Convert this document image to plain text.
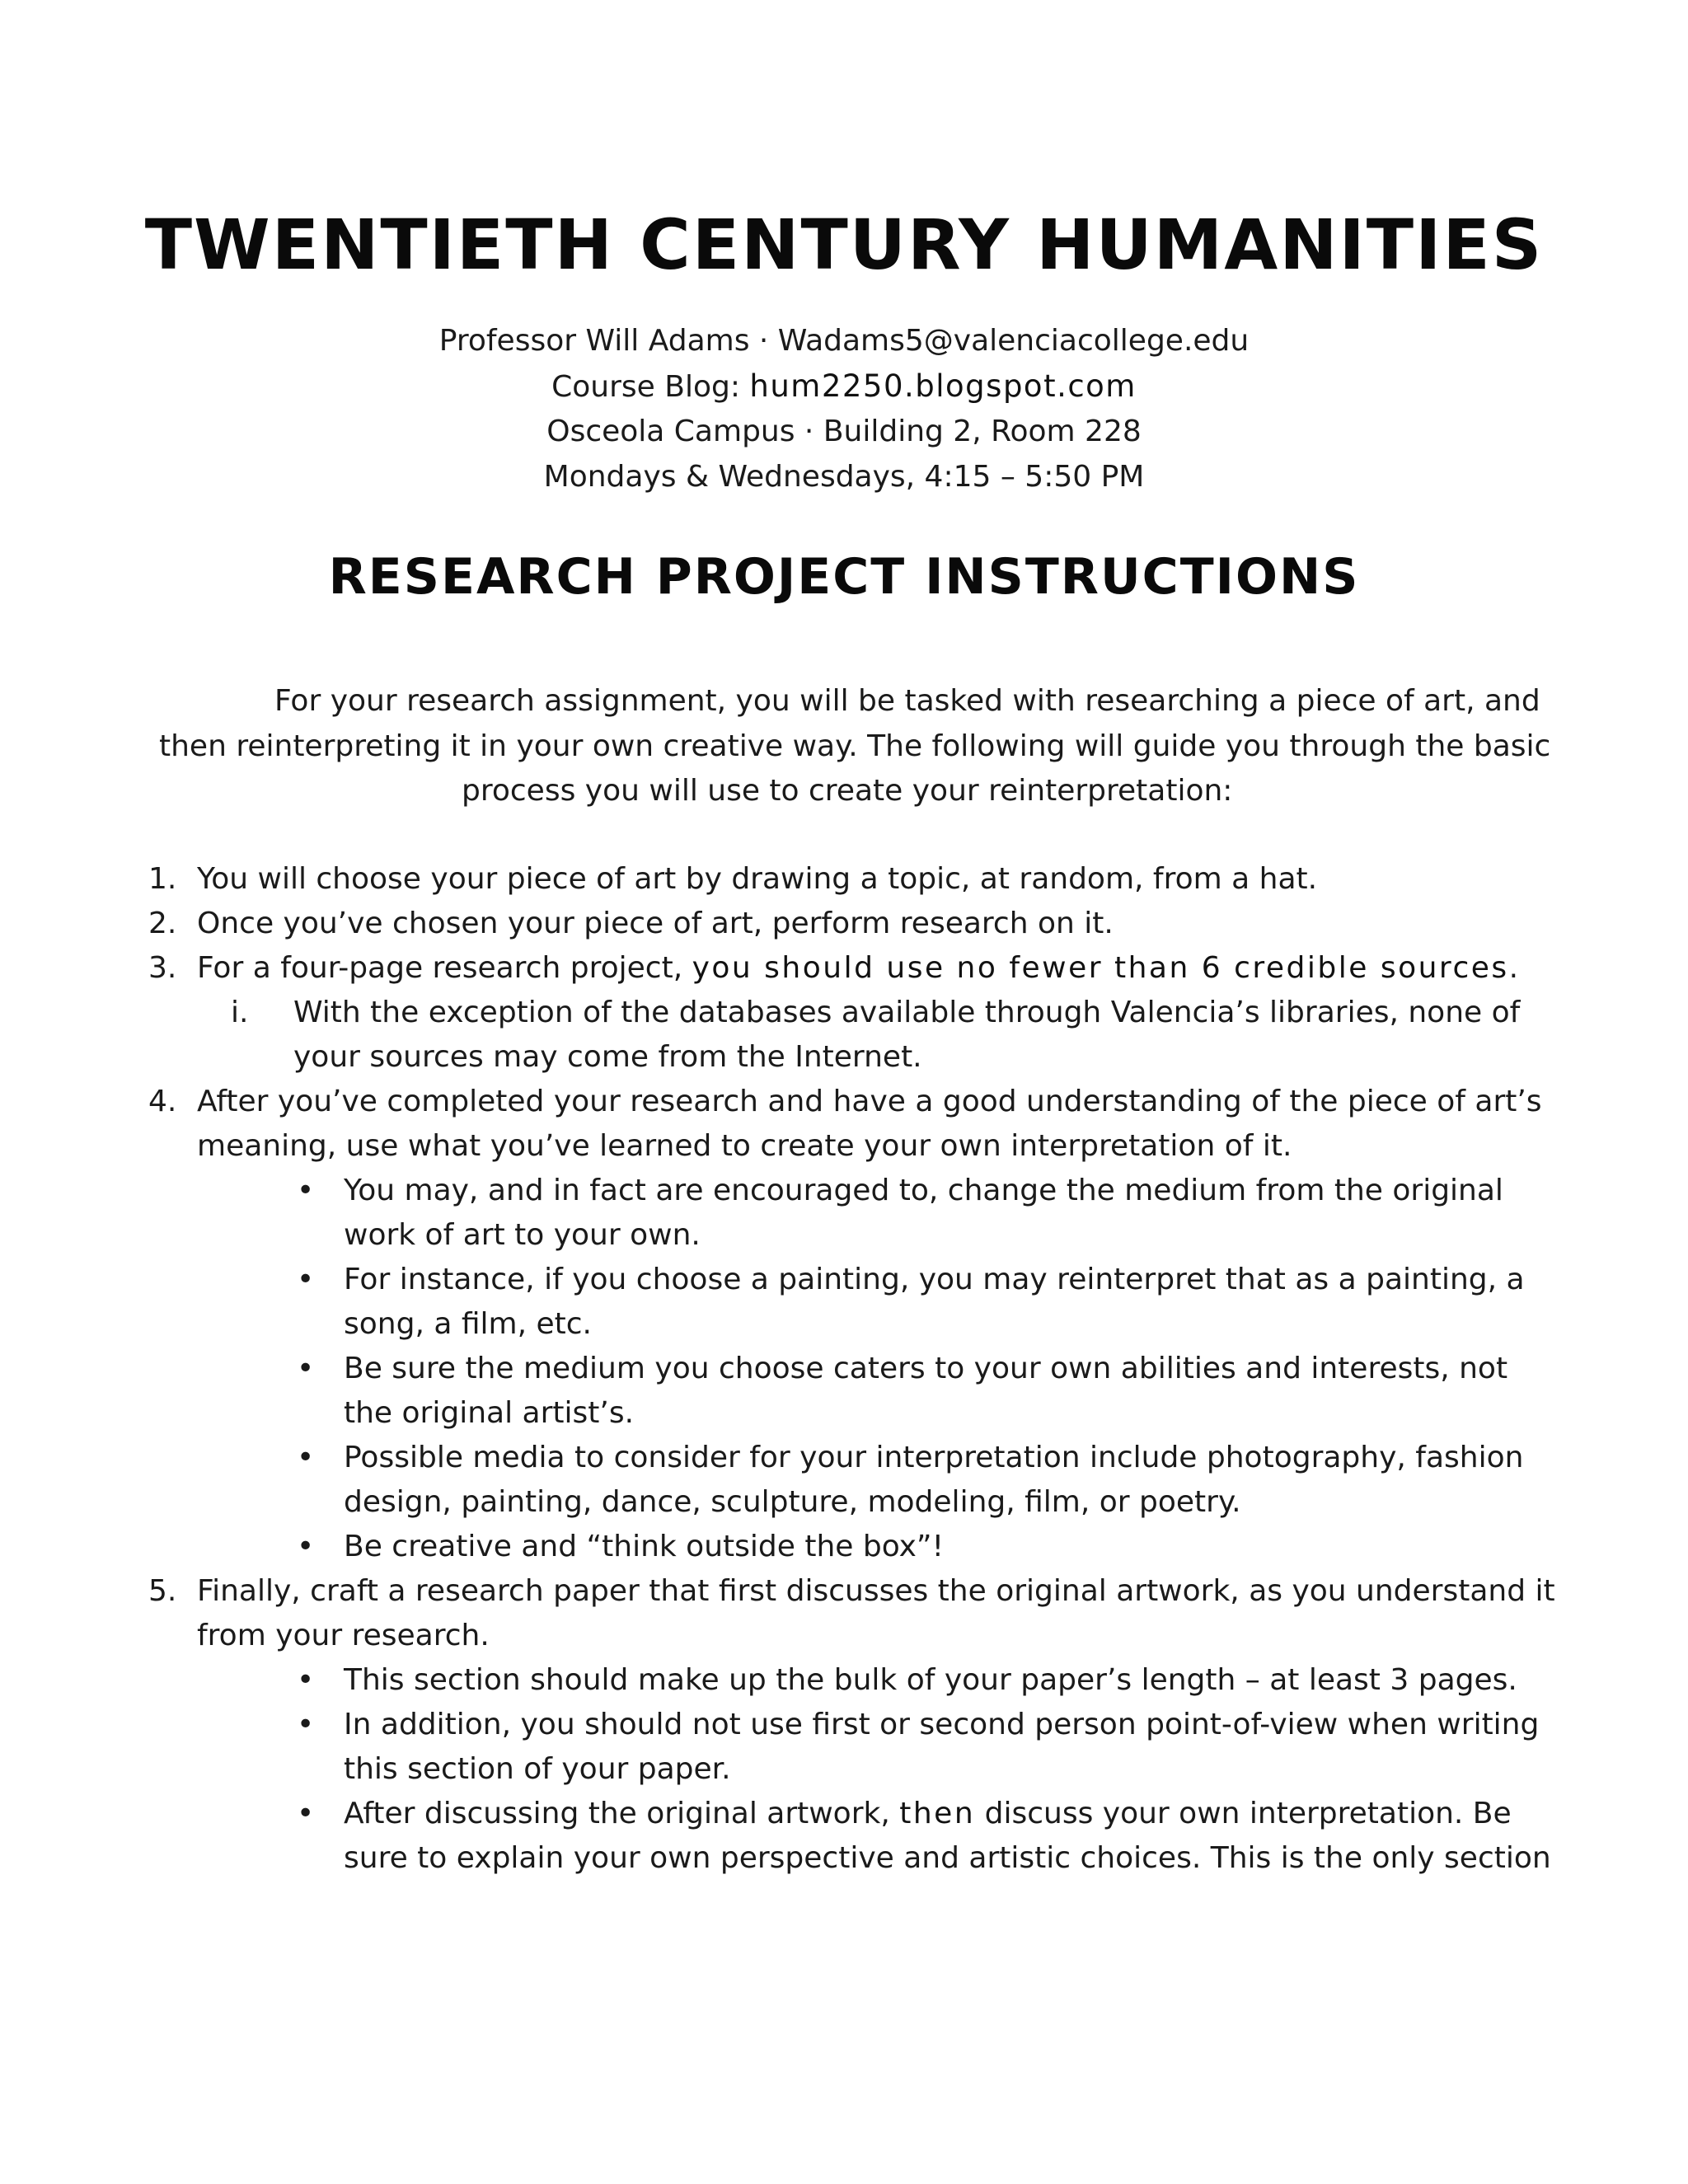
TWENTIETH CENTURY HUMANITIES
Professor Will Adams · Wadams5@valenciacollege.edu
Course Blog: hum2250.blogspot.com
Osceola Campus · Building 2, Room 228
Mondays & Wednesdays, 4:15 – 5:50 PM
RESEARCH PROJECT INSTRUCTIONS
For your research assignment, you will be tasked with researching a piece of art, and
then reinterpreting it in your own creative way. The following will guide you through the basic
process you will use to create your reinterpretation:
1. You will choose your piece of art by drawing a topic, at random, from a hat.
2. Once you’ve chosen your piece of art, perform research on it.
3. For a four-page research project, you should use no fewer than 6 credible sources.
i. With the exception of the databases available through Valencia’s libraries, none of
your sources may come from the Internet.
4. After you’ve completed your research and have a good understanding of the piece of art’s
meaning, use what you’ve learned to create your own interpretation of it.
• You may, and in fact are encouraged to, change the medium from the original
work of art to your own.
• For instance, if you choose a painting, you may reinterpret that as a painting, a
song, a film, etc.
• Be sure the medium you choose caters to your own abilities and interests, not
the original artist’s.
• Possible media to consider for your interpretation include photography, fashion
design, painting, dance, sculpture, modeling, film, or poetry.
• Be creative and “think outside the box”!
5. Finally, craft a research paper that first discusses the original artwork, as you understand it
from your research.
• This section should make up the bulk of your paper’s length – at least 3 pages.
• In addition, you should not use first or second person point-of-view when writing
this section of your paper.
• After discussing the original artwork, then discuss your own interpretation. Be
sure to explain your own perspective and artistic choices. This is the only section
